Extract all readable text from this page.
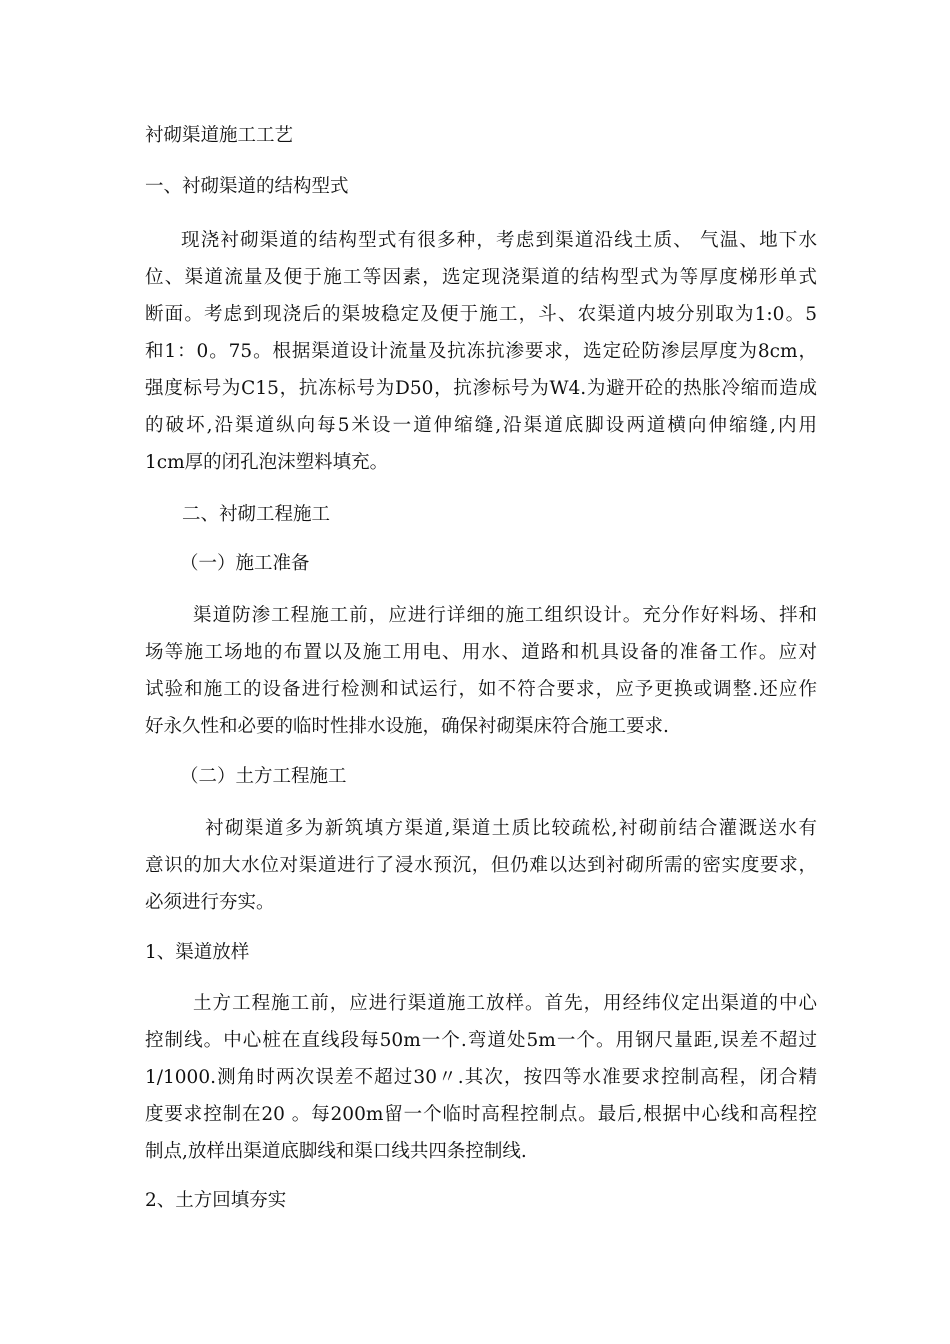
衬砌渠道施工工艺
一、衬砌渠道的结构型式
现浇衬砌渠道的结构型式有很多种，考虑到渠道沿线土质、 气温、地下水
位、渠道流量及便于施工等因素，选定现浇渠道的结构型式为等厚度梯形单式
断面。考虑到现浇后的渠坡稳定及便于施工，斗、农渠道内坡分别取为1:0。5
和1：0。75。根据渠道设计流量及抗冻抗渗要求，选定砼防渗层厚度为8cm，
强度标号为C15，抗冻标号为D50，抗渗标号为W4.为避开砼的热胀冷缩而造成
的破坏,沿渠道纵向每5米设一道伸缩缝,沿渠道底脚设两道横向伸缩缝,内用
1cm厚的闭孔泡沫塑料填充。
二、衬砌工程施工
（一）施工准备
渠道防渗工程施工前，应进行详细的施工组织设计。充分作好料场、拌和
场等施工场地的布置以及施工用电、用水、道路和机具设备的准备工作。应对
试验和施工的设备进行检测和试运行，如不符合要求，应予更换或调整.还应作
好永久性和必要的临时性排水设施，确保衬砌渠床符合施工要求.
（二）土方工程施工
衬砌渠道多为新筑填方渠道,渠道土质比较疏松,衬砌前结合灌溉送水有
意识的加大水位对渠道进行了浸水预沉，但仍难以达到衬砌所需的密实度要求，
必须进行夯实。
1、渠道放样
土方工程施工前，应进行渠道施工放样。首先，用经纬仪定出渠道的中心
控制线。中心桩在直线段每50m一个.弯道处5m一个。用钢尺量距,误差不超过
1/1000.测角时两次误差不超过30〃.其次，按四等水准要求控制高程，闭合精
度要求控制在20 。每200m留一个临时高程控制点。最后,根据中心线和高程控
制点,放样出渠道底脚线和渠口线共四条控制线.
2、土方回填夯实
